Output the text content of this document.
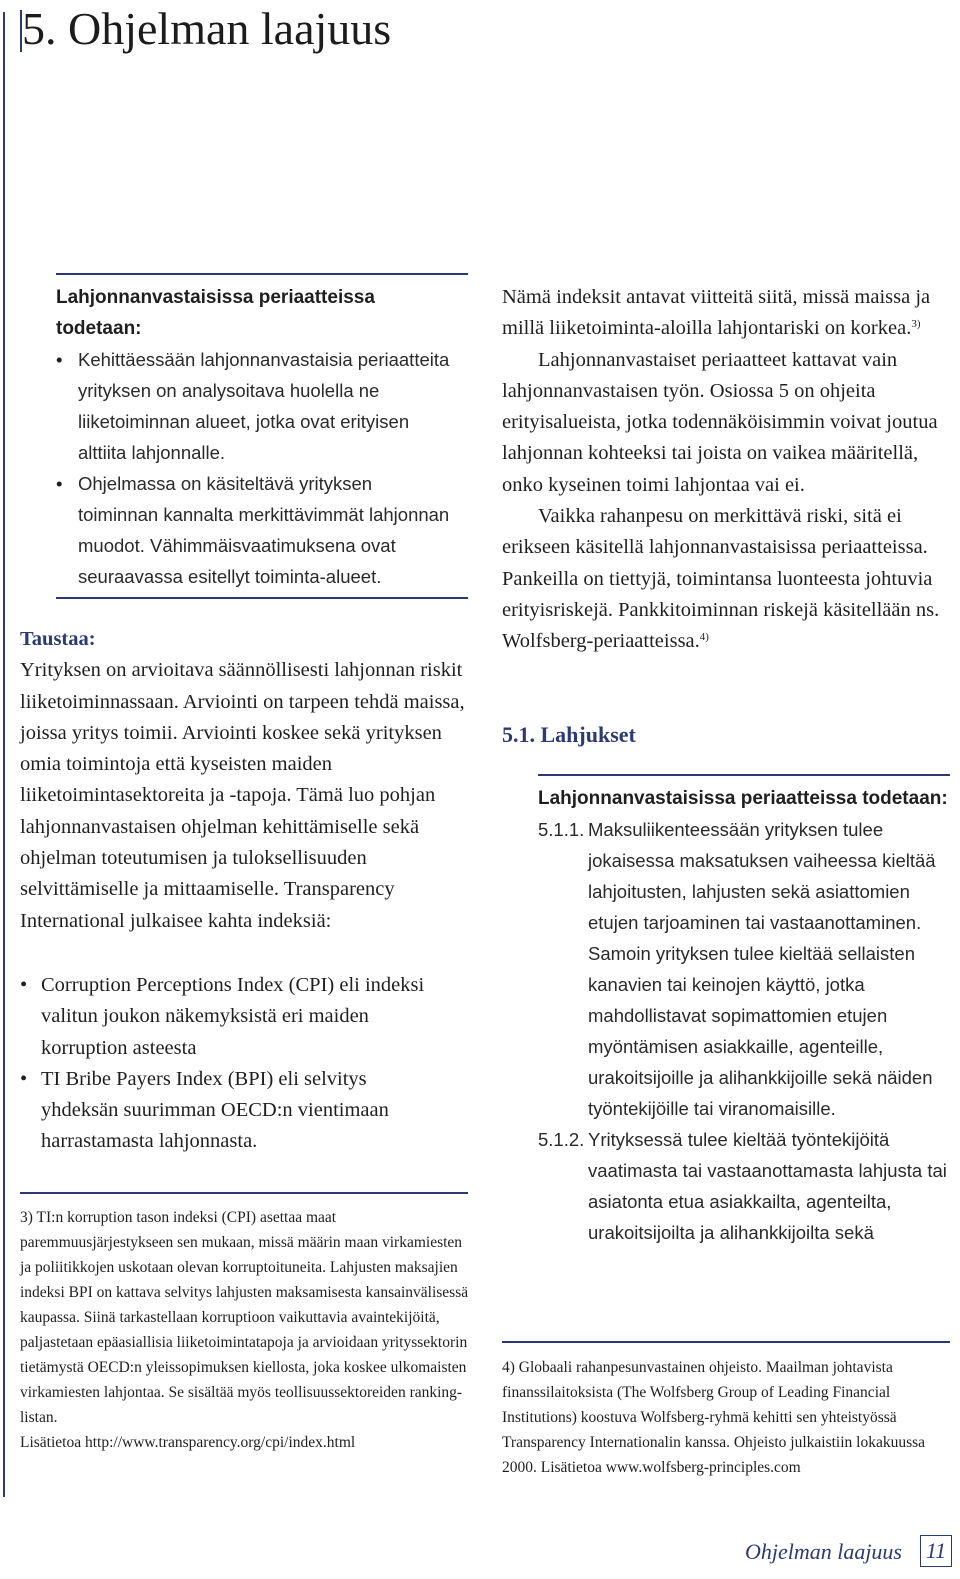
5. Ohjelman laajuus
Lahjonnanvastaisissa periaatteissa todetaan:
• Kehittäessään lahjonnanvastaisia periaatteita yrityksen on analysoitava huolella ne liiketoiminnan alueet, jotka ovat erityisen alttiita lahjonnalle.
• Ohjelmassa on käsiteltävä yrityksen toiminnan kannalta merkittävimmät lahjonnan muodot. Vähimmäisvaatimuksena ovat seuraavassa esitellyt toiminta-alueet.
Taustaa:

Yrityksen on arvioitava säännöllisesti lahjonnan riskit liiketoiminnassaan. Arviointi on tarpeen tehdä maissa, joissa yritys toimii. Arviointi koskee sekä yrityksen omia toimintoja että kyseisten maiden liiketoimintasektoreita ja -tapoja. Tämä luo pohjan lahjonnanvastaisen ohjelman kehittämiselle sekä ohjelman toteutumisen ja tuloksellisuuden selvittämiselle ja mittaamiselle. Transparency International julkaisee kahta indeksiä:

• Corruption Perceptions Index (CPI) eli indeksi valitun joukon näkemyksistä eri maiden korruption asteesta
• TI Bribe Payers Index (BPI) eli selvitys yhdeksän suurimman OECD:n vientimaan harrastamasta lahjonnasta.

3) TI:n korruption tason indeksi (CPI) asettaa maat paremmuusjärjestykseen sen mukaan, missä määrin maan virkamiesten ja poliitikkojen uskotaan olevan korruptoituneita. Lahjusten maksajien indeksi BPI on kattava selvitys lahjusten maksamisesta kansainvälisessä kaupassa. Siinä tarkastellaan korruptioon vaikuttavia avaintekijöitä, paljastetaan epäasiallisia liiketoimintatapoja ja arvioidaan yrityssektorin tietämystä OECD:n yleissopimuksen kiellosta, joka koskee ulkomaisten virkamiesten lahjontaa. Se sisältää myös teollisuussektoreiden ranking-listan.

Lisätietoa http://www.transparency.org/cpi/index.html

Nämä indeksit antavat viitteitä siitä, missä maissa ja millä liiketoiminta-aloilla lahjontariski on korkea.$^{3)}$

Lahjonnanvastaiset periaatteet kattavat vain lahjonnanvastaisen työn. Osiossa 5 on ohjeita erityisalueista, jotka todennäköisimmin voivat joutua lahjonnan kohteeksi tai joista on vaikea määritellä, onko kyseinen toimi lahjontaa vai ei.

Vaikka rahanpesu on merkittävä riski, sitä ei erikseen käsitellä lahjonnanvastaisissa periaatteissa. Pankeilla on tiettyjä, toimintansa luonteesta johtuvia erityisriskejä. Pankkitoiminnan riskejä käsitellään ns. Wolfsberg-periaatteissa.$^{4)}$

5.1. Lahjukset
Lahjonnanvastaisissa periaatteissa todetaan:
5.1.1. Maksuliikenteessään yrityksen tulee jokaisessa maksatuksen vaiheessa kieltää lahjoitusten, lahjusten sekä asiattomien etujen tarjoaminen tai vastaanottaminen. Samoin yrityksen tulee kieltää sellaisten kanavien tai keinojen käyttö, jotka mahdollistavat sopimattomien etujen myöntämisen asiakkaille, agenteille, urakoitsijoille ja alihankkijoille sekä näiden työntekijöille tai viranomaisille.
5.1.2. Yrityksessä tulee kieltää työntekijöitä vaatimasta tai vastaanottamasta lahjusta tai asiatonta etua asiakkailta, agenteilta, urakoitsijoilta ja alihankkijoilta sekä

4) Globaali rahanpesunvastainen ohjeisto. Maailman johtavista finanssilaitoksista (The Wolfsberg Group of Leading Financial Institutions) koostuva Wolfsberg-ryhmä kehitti sen yhteistyössä Transparency Internationalin kanssa. Ohjeisto julkaistiin lokakuussa 2000. Lisätietoa www.wolfsberg-principles.com

Ohjelman laajuus 11
